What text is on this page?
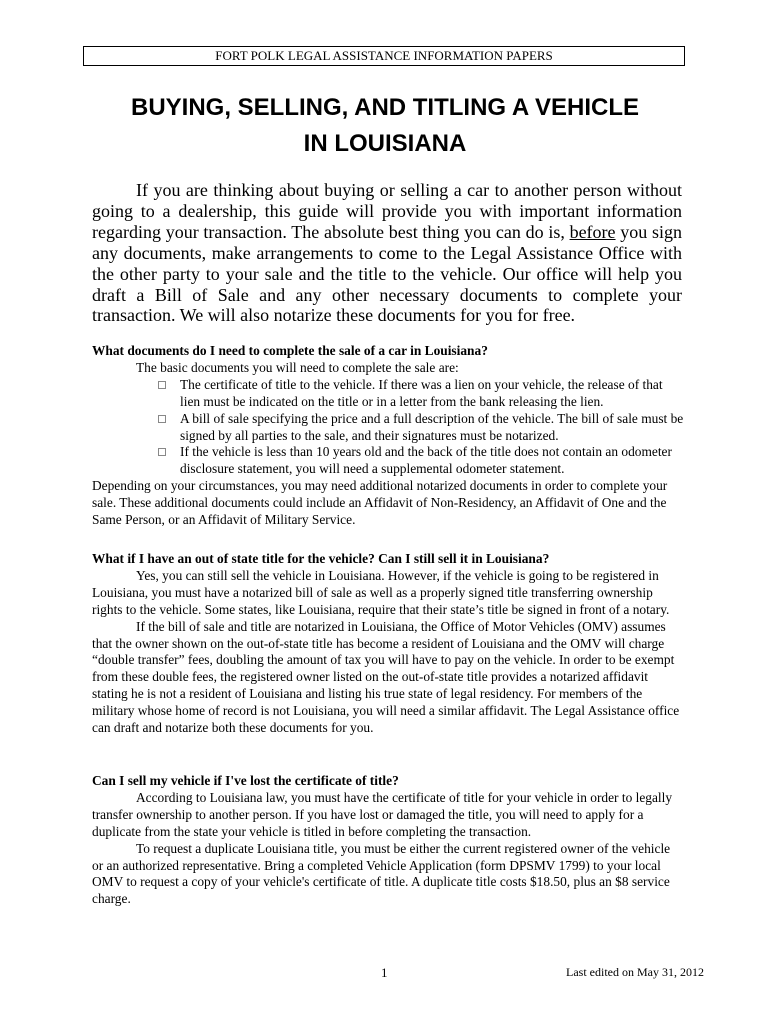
FORT POLK LEGAL ASSISTANCE INFORMATION PAPERS
BUYING, SELLING, AND TITLING A VEHICLE
IN LOUISIANA
If you are thinking about buying or selling a car to another person without going to a dealership, this guide will provide you with important information regarding your transaction. The absolute best thing you can do is, before you sign any documents, make arrangements to come to the Legal Assistance Office with the other party to your sale and the title to the vehicle. Our office will help you draft a Bill of Sale and any other necessary documents to complete your transaction. We will also notarize these documents for you for free.
What documents do I need to complete the sale of a car in Louisiana?
The basic documents you will need to complete the sale are:
The certificate of title to the vehicle. If there was a lien on your vehicle, the release of that lien must be indicated on the title or in a letter from the bank releasing the lien.
A bill of sale specifying the price and a full description of the vehicle. The bill of sale must be signed by all parties to the sale, and their signatures must be notarized.
If the vehicle is less than 10 years old and the back of the title does not contain an odometer disclosure statement, you will need a supplemental odometer statement.
Depending on your circumstances, you may need additional notarized documents in order to complete your sale. These additional documents could include an Affidavit of Non-Residency, an Affidavit of One and the Same Person, or an Affidavit of Military Service.
What if I have an out of state title for the vehicle? Can I still sell it in Louisiana?
Yes, you can still sell the vehicle in Louisiana. However, if the vehicle is going to be registered in Louisiana, you must have a notarized bill of sale as well as a properly signed title transferring ownership rights to the vehicle. Some states, like Louisiana, require that their state’s title be signed in front of a notary.
If the bill of sale and title are notarized in Louisiana, the Office of Motor Vehicles (OMV) assumes that the owner shown on the out-of-state title has become a resident of Louisiana and the OMV will charge “double transfer” fees, doubling the amount of tax you will have to pay on the vehicle. In order to be exempt from these double fees, the registered owner listed on the out-of-state title provides a notarized affidavit stating he is not a resident of Louisiana and listing his true state of legal residency. For members of the military whose home of record is not Louisiana, you will need a similar affidavit. The Legal Assistance office can draft and notarize both these documents for you.
Can I sell my vehicle if I've lost the certificate of title?
According to Louisiana law, you must have the certificate of title for your vehicle in order to legally transfer ownership to another person. If you have lost or damaged the title, you will need to apply for a duplicate from the state your vehicle is titled in before completing the transaction.
To request a duplicate Louisiana title, you must be either the current registered owner of the vehicle or an authorized representative. Bring a completed Vehicle Application (form DPSMV 1799) to your local OMV to request a copy of your vehicle's certificate of title. A duplicate title costs $18.50, plus an $8 service charge.
1	Last edited on May 31, 2012
